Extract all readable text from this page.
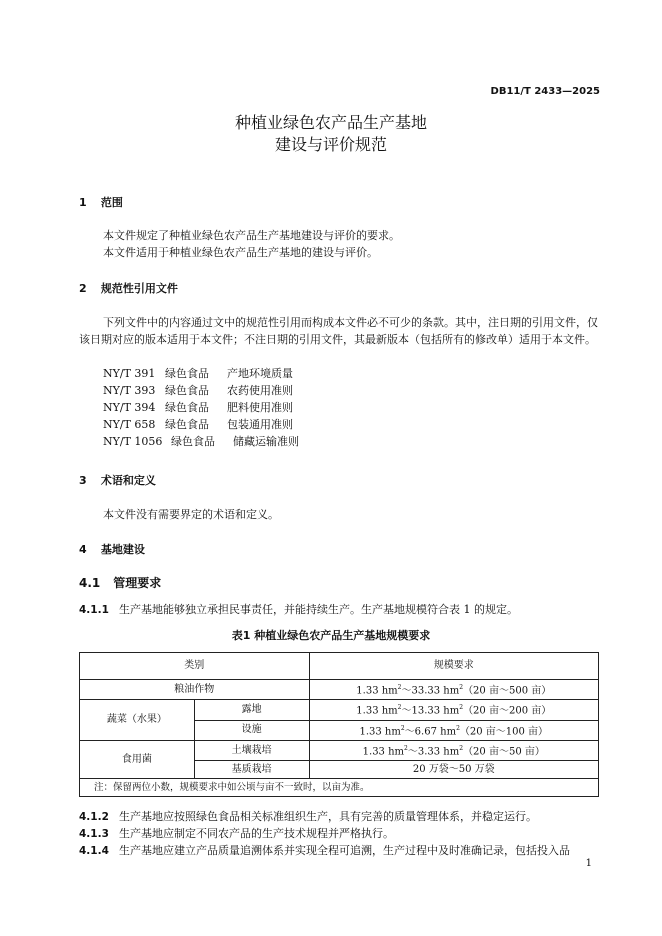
DB11/T 2433—2025
种植业绿色农产品生产基地
建设与评价规范
1 范围
本文件规定了种植业绿色农产品生产基地建设与评价的要求。
本文件适用于种植业绿色农产品生产基地的建设与评价。
2 规范性引用文件
下列文件中的内容通过文中的规范性引用而构成本文件必不可少的条款。其中，注日期的引用文件，仅该日期对应的版本适用于本文件；不注日期的引用文件，其最新版本（包括所有的修改单）适用于本文件。
NY/T 391 绿色食品 产地环境质量
NY/T 393 绿色食品 农药使用准则
NY/T 394 绿色食品 肥料使用准则
NY/T 658 绿色食品 包装通用准则
NY/T 1056 绿色食品 储藏运输准则
3 术语和定义
本文件没有需要界定的术语和定义。
4 基地建设
4.1 管理要求
4.1.1 生产基地能够独立承担民事责任，并能持续生产。生产基地规模符合表 1 的规定。
表1 种植业绿色农产品生产基地规模要求
类别		规模要求
粮油作物		1.33 $hm^2\sim 33.33$ $hm^2(20$ 亩～500 亩）
蔬菜（水果）	露地	1.33 $hm^2\sim 13.33$ $hm^2(20$ 亩～200 亩）
	设施	1.33 $hm^2\sim 6.67$ $hm^2(20$ 亩～100 亩）
食用菌	土壤栽培	1.33 $hm^2\sim 3.33$ $hm^2(20$ 亩～50 亩）
	基质栽培	20 万袋～50 万袋
注：保留两位小数，规模要求中如公顷与亩不一致时，以亩为准。		
4.1.2 生产基地应按照绿色食品相关标准组织生产，具有完善的质量管理体系，并稳定运行。
4.1.3 生产基地应制定不同农产品的生产技术规程并严格执行。
4.1.4 生产基地应建立产品质量追溯体系并实现全程可追溯，生产过程中及时准确记录，包括投入品
1
